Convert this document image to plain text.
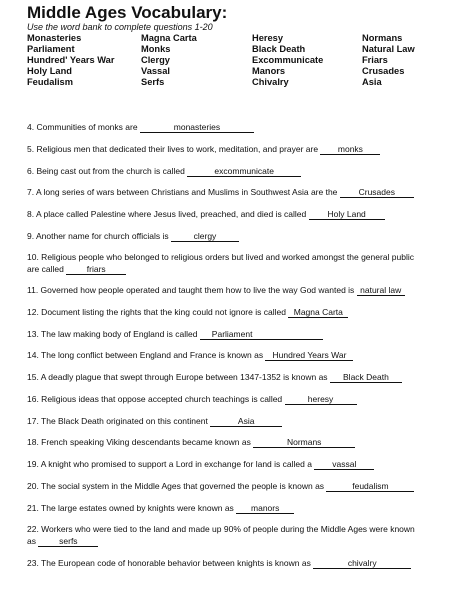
Middle Ages Vocabulary:
Use the word bank to complete questions 1-20
Monasteries	Magna Carta	Heresy	Normans
Parliament	Monks	Black Death	Natural Law
Hundred' Years War	Clergy	Excommunicate	Friars
Holy Land	Vassal	Manors	Crusades
Feudalism	Serfs	Chivalry	Asia
4. Communities of monks are	monasteries
5. Religious men that dedicated their lives to work, meditation, and prayer are monks
6. Being cast out from the church is called	excommunicate
7. A long series of wars between Christians and Muslims in Southwest Asia are the Crusades
8. A place called Palestine where Jesus lived, preached, and died is called Holy Land
9. Another name for church officials is	clergy
10. Religious people who belonged to religious orders but lived and worked amongst the general public
are called	friars
11. Governed how people operated and taught them how to live the way God wanted is natural law
12. Document listing the rights that the king could not ignore is called Magna Carta
13. The law making body of England is called Parliament
14. The long conflict between England and France is known as Hundred Years War
15. A deadly plague that swept through Europe between 1347-1352 is known as Black Death
16. Religious ideas that oppose accepted church teachings is called	heresy
17. The Black Death originated on this continent	Asia
18. French speaking Viking descendants became known as	Normans
19. A knight who promised to support a Lord in exchange for land is called a vassal
20. The social system in the Middle Ages that governed the people is known as	feudalism
21. The large estates owned by knights were known as manors
22. Workers who were tied to the land and made up 90% of people during the Middle Ages were known
as	serfs
23. The European code of honorable behavior between knights is known as	chivalry
